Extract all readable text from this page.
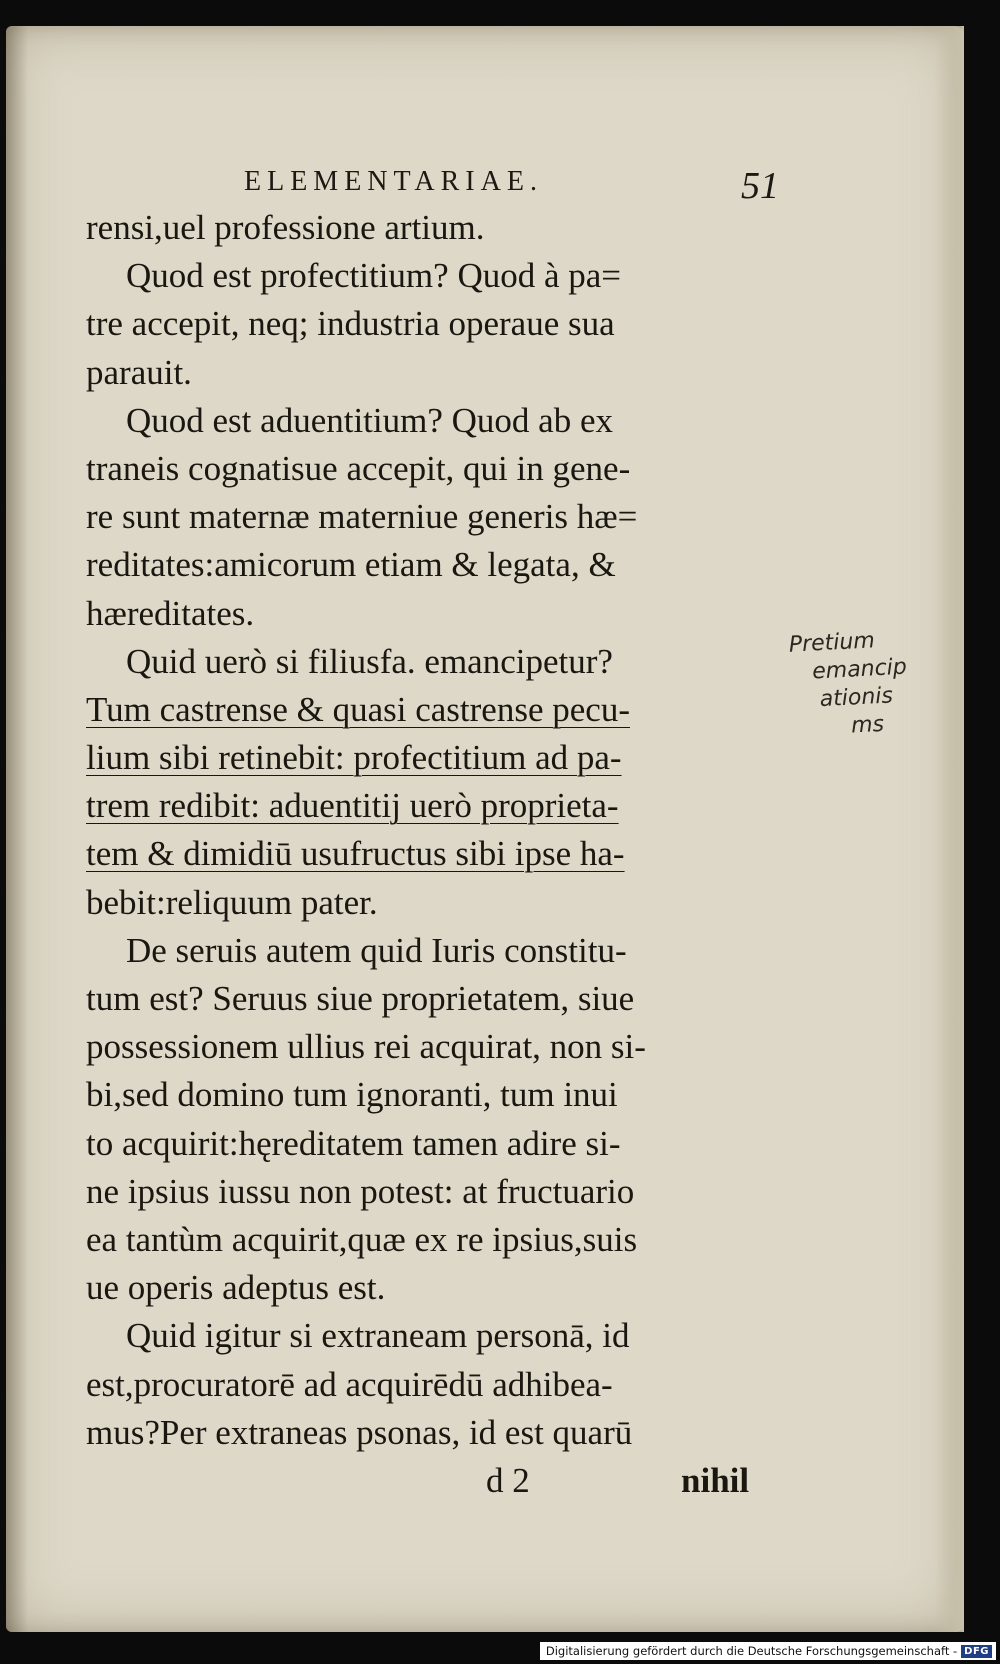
ELEMENTARIAE.	51
rensi,uel professione artium.
Quod est profectitium? Quod à pa=
tre accepit, neq; industria operaue sua
parauit.
Quod est aduentitium? Quod ab ex
traneis cognatisue accepit, qui in gene-
re sunt maternæ materniue generis hæ=
reditates:amicorum etiam & legata, &
hæreditates.
Quid uerò si filiusfa. emancipetur?
Tum castrense & quasi castrense pecu-
lium sibi retinebit: profectitium ad pa-
trem redibit: aduentitij uerò proprieta-
tem & dimidiū usufructus sibi ipse ha-
bebit:reliquum pater.
De seruis autem quid Iuris constitu-
tum est? Seruus siue proprietatem, siue
possessionem ullius rei acquirat, non si-
bi,sed domino tum ignoranti, tum inui
to acquirit:hęreditatem tamen adire si-
ne ipsius iussu non potest: at fructuario
ea tantùm acquirit,quæ ex re ipsius,suis
ue operis adeptus est.
Quid igitur si extraneam personā, id
est,procuratorē ad acquirēdū adhibea-
mus?Per extraneas psonas, id est quarū
d 2	nihil
Pretium
emancip
ationis
ms
Digitalisierung gefördert durch die Deutsche Forschungsgemeinschaft - DFG
